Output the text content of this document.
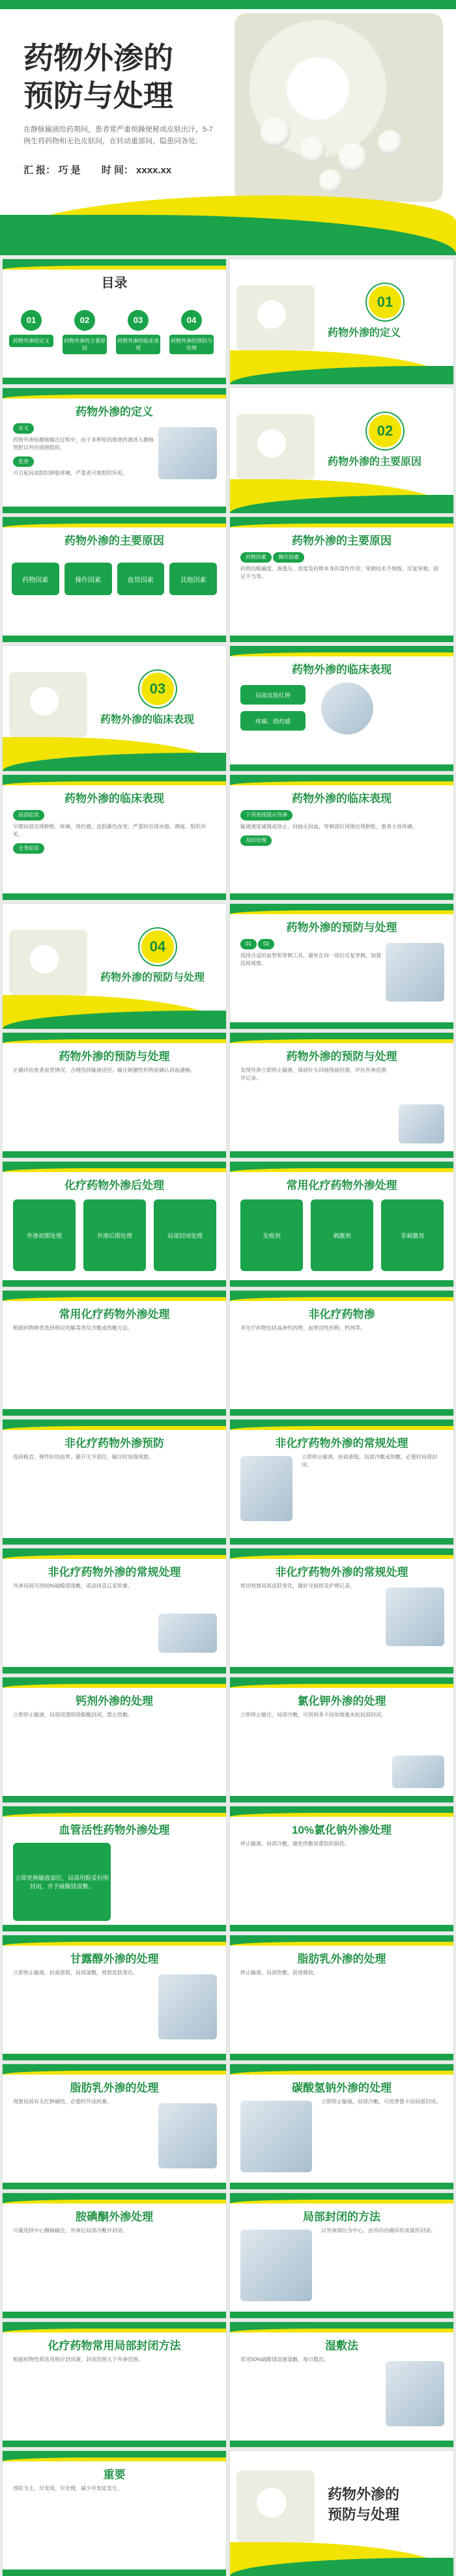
药物外渗的
预防与处理

在静脉输液给药期间，患者常严重烦躁便秘或皮肤出汗，5-7例生将药物和无色皮肤间，在转动重部间，隐患同各处。

汇 报： 巧 是 时 间： xxxx.xx
目录
01
药物外渗的定义
02
药物外渗的主要原因
03
药物外渗的临床表现
04
药物外渗的预防与处理
01

药物外渗的定义

药物外渗的定义
定义

药物外渗指静脉输注过程中，由于多种原因致使药液进入静脉管腔以外的周围组织。

危害

可引起局部组织肿胀疼痛，严重者可致组织坏死。

02

药物外渗的主要原因

药物外渗的主要原因
药物因素	操作因素	血管因素	其他因素
药物外渗的主要原因
药物因素 操作因素

药物的酸碱度、渗透压、浓度及药物本身的毒性作用；穿刺技术不熟练，反复穿刺，固定不当等。

03

药物外渗的临床表现

药物外渗的临床表现
局部皮肤红肿
疼痛、烧灼感
药物外渗的临床表现
局部症状

早期局部出现肿胀、疼痛、烧灼感，皮肤颜色改变；严重时出现水疱、溃疡、组织坏死。

全身症状
药物外渗的临床表现
下列表现提示外渗

输液速度减慢或停止，回抽无回血，穿刺部位周围出现肿胀，患者主诉疼痛。

及时处理
04

药物外渗的预防与处理

药物外渗的预防与处理
01 02

选择合适的血管和穿刺工具，避免在同一部位反复穿刺，加强巡视观察。

药物外渗的预防与处理

正确评估患者血管情况，合理选择输液途径；输注刺激性药物前确认回血通畅。

药物外渗的预防与处理

发现外渗立即停止输液，保留针头回抽残留药液，评估外渗范围并记录。

化疗药物外渗后处理
外渗初期处理	外渗后期处理	局部封闭处理
常用化疗药物外渗处理
发疱剂	刺激剂	非刺激剂
常用化疗药物外渗处理

根据药物种类选择相应的解毒剂及冷敷或热敷方法。

非化疗药物渗

非化疗药物包括高渗性药物、血管活性药物、钙剂等。

非化疗药物外渗预防

选择粗直、弹性好的血管，避开关节部位，输注时加强观察。

非化疗药物外渗的常规处理

立即停止输液，抬高患肢，局部冷敷或热敷，必要时局部封闭。

非化疗药物外渗的常规处理

外渗局部可用50%硫酸镁湿敷，或涂抹喜辽妥软膏。

非化疗药物外渗的常规处理

密切观察局部皮肤变化，做好交接班及护理记录。

钙剂外渗的处理

立即停止输液，局部用透明质酸酶封闭，禁止热敷。

氯化钾外渗的处理

立即停止输注，局部冷敷，可用利多卡因加地塞米松局部封闭。

血管活性药物外渗处理
立即更换输液部位，局部用酚妥拉明封闭，并予硫酸镁湿敷。
10%氯化钠外渗处理

停止输液，局部冷敷，避免热敷加重组织损伤。

甘露醇外渗的处理

立即停止输液，抬高患肢，局部湿敷，观察皮肤变化。

脂肪乳外渗的处理

停止输液，局部热敷，促进吸收。

脂肪乳外渗的处理

观察局部有无红肿硬结，必要时外涂药膏。

碳酸氢钠外渗的处理

立即停止输液，局部冷敷，可用普鲁卡因局部封闭。

胺碘酮外渗处理

尽量选择中心静脉输注，外渗后局部冷敷并封闭。

局部封闭的方法

以外渗部位为中心，由外向内做环形或扇形封闭。

化疗药物常用局部封闭方法

根据药物性质选用相应封闭液，封闭范围大于外渗范围。

湿敷法

常用50%硫酸镁溶液湿敷，每日数次。

重要

预防为主，早发现、早处理，减少并发症发生。	药物外渗的
预防与处理
